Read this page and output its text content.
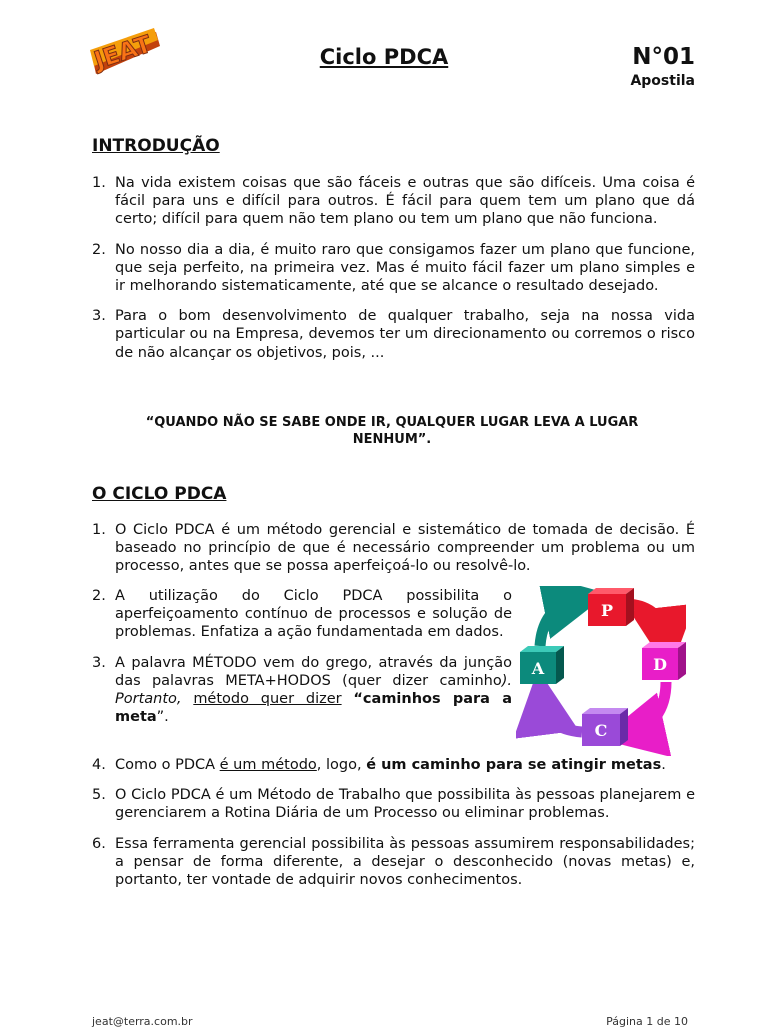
JEAT	Ciclo PDCA	N°01
Apostila
INTRODUÇÃO
1. Na vida existem coisas que são fáceis e outras que são difíceis. Uma coisa é fácil para uns e difícil para outros. É fácil para quem tem um plano que dá certo; difícil para quem não tem plano ou tem um plano que não funciona.
2. No nosso dia a dia, é muito raro que consigamos fazer um plano que funcione, que seja perfeito, na primeira vez. Mas é muito fácil fazer um plano simples e ir melhorando sistematicamente, até que se alcance o resultado desejado.
3. Para o bom desenvolvimento de qualquer trabalho, seja na nossa vida particular ou na Empresa, devemos ter um direcionamento ou corremos o risco de não alcançar os objetivos, pois, ...

“QUANDO NÃO SE SABE ONDE IR, QUALQUER LUGAR LEVA A LUGAR NENHUM”.

O CICLO PDCA
1. O Ciclo PDCA é um método gerencial e sistemático de tomada de decisão. É baseado no princípio de que é necessário compreender um problema ou um processo, antes que se possa aperfeiçoá-lo ou resolvê-lo.
2. A utilização do Ciclo PDCA possibilita o aperfeiçoamento contínuo de processos e solução de problemas. Enfatiza a ação fundamentada em dados.
3. A palavra MÉTODO vem do grego, através da junção das palavras META+HODOS (quer dizer caminho). Portanto, método quer dizer “caminhos para a meta”.
4. Como o PDCA é um método, logo, é um caminho para se atingir metas.
5. O Ciclo PDCA é um Método de Trabalho que possibilita às pessoas planejarem e gerenciarem a Rotina Diária de um Processo ou eliminar problemas.
6. Essa ferramenta gerencial possibilita às pessoas assumirem responsabilidades; a pensar de forma diferente, a desejar o desconhecido (novas metas) e, portanto, ter vontade de adquirir novos conhecimentos.
P
D
C
A
jeat@terra.com.br	Página 1 de 10
